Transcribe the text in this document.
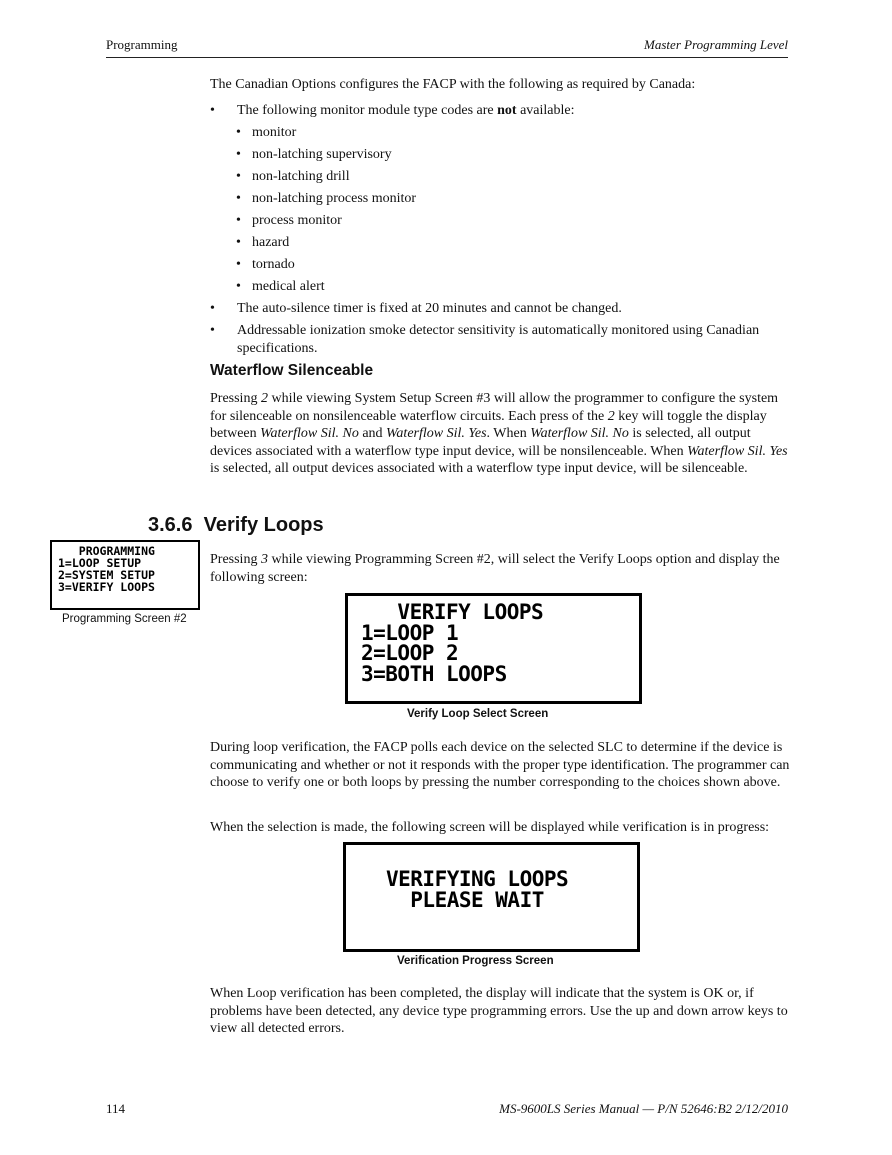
Programming	Master Programming Level

The Canadian Options configures the FACP with the following as required by Canada:

• The following monitor module type codes are not available:
• monitor
• non-latching supervisory
• non-latching drill
• non-latching process monitor
• process monitor
• hazard
• tornado
• medical alert
• The auto-silence timer is fixed at 20 minutes and cannot be changed.
• Addressable ionization smoke detector sensitivity is automatically monitored using Canadian specifications.
Waterflow Silenceable

Pressing 2 while viewing System Setup Screen #3 will allow the programmer to configure the system for silenceable on nonsilenceable waterflow circuits. Each press of the 2 key will toggle the display between Waterflow Sil. No and Waterflow Sil. Yes. When Waterflow Sil. No is selected, all output devices associated with a waterflow type input device, will be nonsilenceable. When Waterflow Sil. Yes is selected, all output devices associated with a waterflow type input device, will be silenceable.

3.6.6 Verify Loops
PROGRAMMING
1=LOOP SETUP
2=SYSTEM SETUP
3=VERIFY LOOPS
Programming Screen #2

Pressing 3 while viewing Programming Screen #2, will select the Verify Loops option and display the following screen:

VERIFY LOOPS
1=LOOP 1
2=LOOP 2
3=BOTH LOOPS
Verify Loop Select Screen

During loop verification, the FACP polls each device on the selected SLC to determine if the device is communicating and whether or not it responds with the proper type identification. The programmer can choose to verify one or both loops by pressing the number corresponding to the choices shown above.

When the selection is made, the following screen will be displayed while verification is in progress:

VERIFYING LOOPS
PLEASE WAIT
Verification Progress Screen

When Loop verification has been completed, the display will indicate that the system is OK or, if problems have been detected, any device type programming errors. Use the up and down arrow keys to view all detected errors.

114	MS-9600LS Series Manual — P/N 52646:B2 2/12/2010
